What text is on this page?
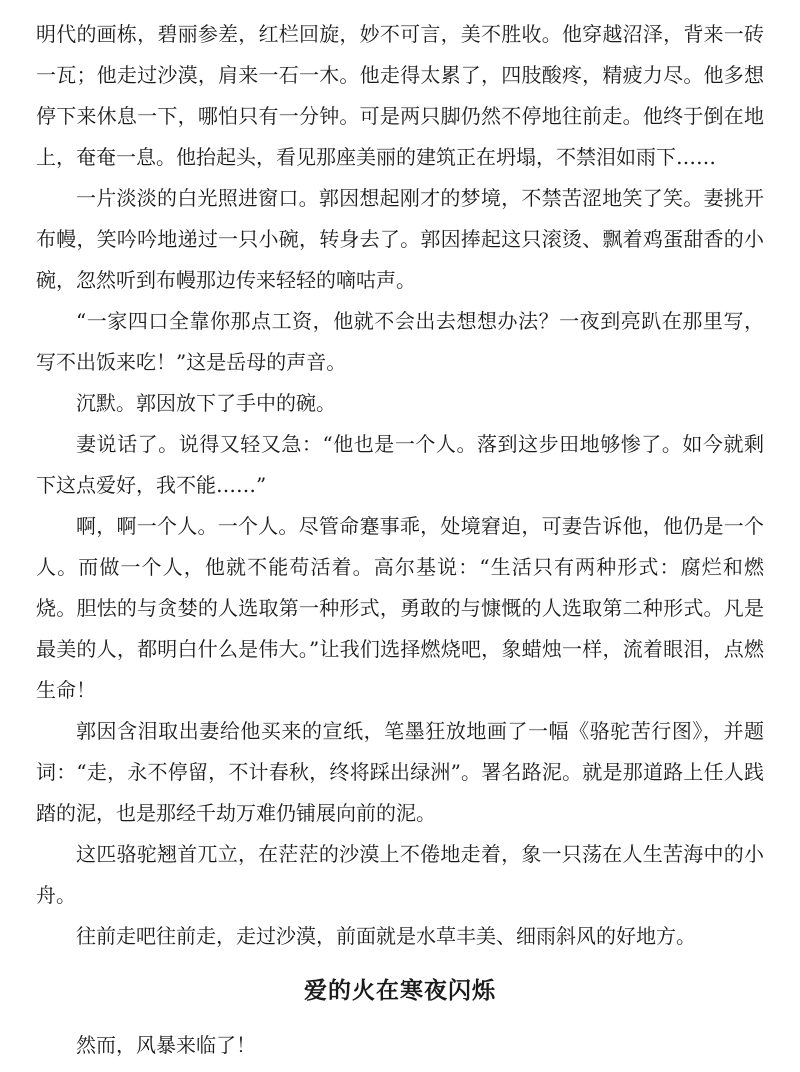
明代的画栋，碧丽参差，红栏回旋，妙不可言，美不胜收。他穿越沼泽，背来一砖一瓦；他走过沙漠，肩来一石一木。他走得太累了，四肢酸疼，精疲力尽。他多想停下来休息一下，哪怕只有一分钟。可是两只脚仍然不停地往前走。他终于倒在地上，奄奄一息。他抬起头，看见那座美丽的建筑正在坍塌，不禁泪如雨下……

一片淡淡的白光照进窗口。郭因想起刚才的梦境，不禁苦涩地笑了笑。妻挑开布幔，笑吟吟地递过一只小碗，转身去了。郭因捧起这只滚烫、飘着鸡蛋甜香的小碗，忽然听到布幔那边传来轻轻的嘀咕声。

“一家四口全靠你那点工资，他就不会出去想想办法？一夜到亮趴在那里写，写不出饭来吃！”这是岳母的声音。

沉默。郭因放下了手中的碗。

妻说话了。说得又轻又急：“他也是一个人。落到这步田地够惨了。如今就剩下这点爱好，我不能……”

啊，啊一个人。一个人。尽管命蹇事乖，处境窘迫，可妻告诉他，他仍是一个人。而做一个人，他就不能苟活着。高尔基说：“生活只有两种形式：腐烂和燃烧。胆怯的与贪婪的人选取第一种形式，勇敢的与慷慨的人选取第二种形式。凡是最美的人，都明白什么是伟大。”让我们选择燃烧吧，象蜡烛一样，流着眼泪，点燃生命！

郭因含泪取出妻给他买来的宣纸，笔墨狂放地画了一幅《骆驼苦行图》，并题词：“走，永不停留，不计春秋，终将踩出绿洲”。署名路泥。就是那道路上任人践踏的泥，也是那经千劫万难仍铺展向前的泥。

这匹骆驼翘首兀立，在茫茫的沙漠上不倦地走着，象一只荡在人生苦海中的小舟。

往前走吧往前走，走过沙漠，前面就是水草丰美、细雨斜风的好地方。

爱的火在寒夜闪烁

然而，风暴来临了！
